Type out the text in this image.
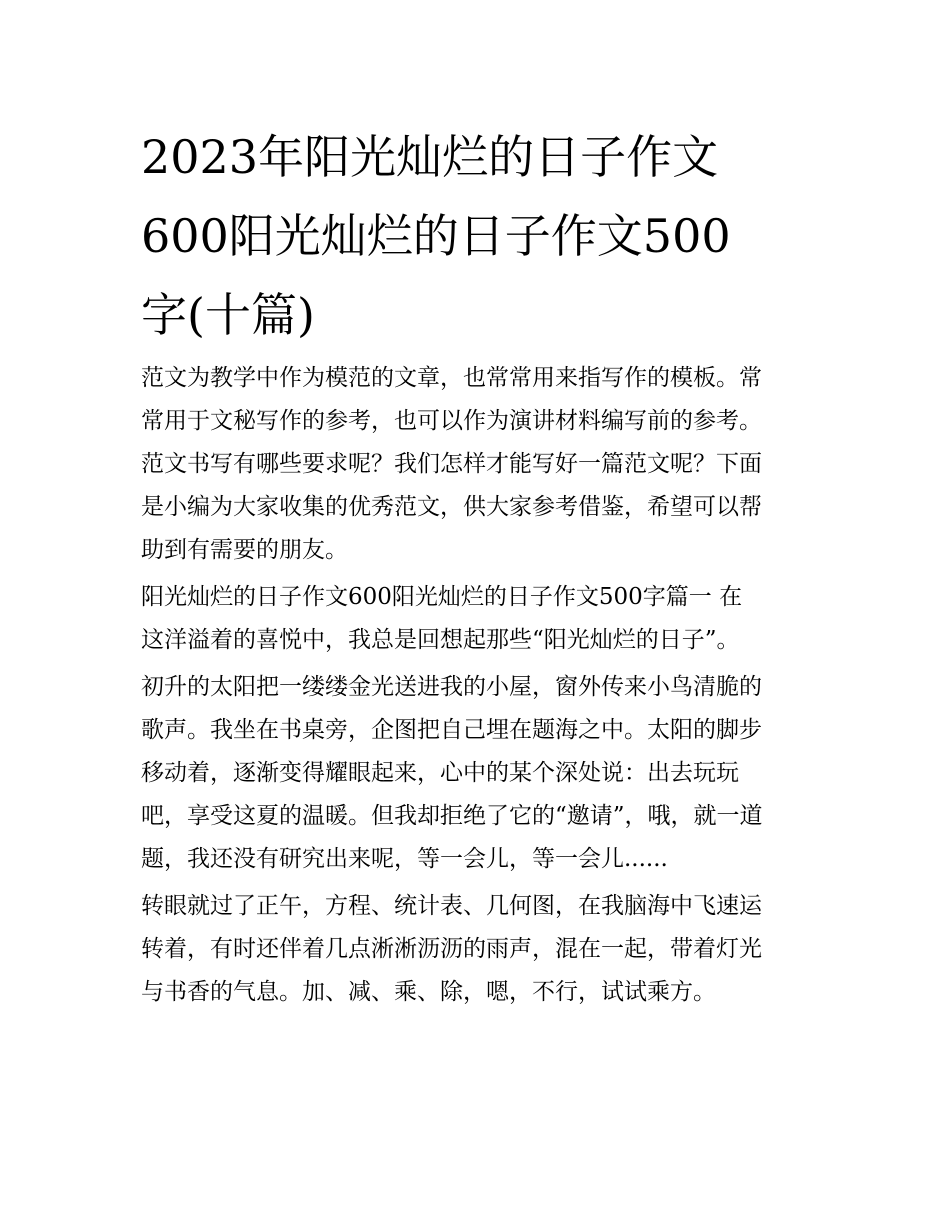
2023年阳光灿烂的日子作文
600阳光灿烂的日子作文500
字(十篇)
范文为教学中作为模范的文章，也常常用来指写作的模板。常
常用于文秘写作的参考，也可以作为演讲材料编写前的参考。
范文书写有哪些要求呢？我们怎样才能写好一篇范文呢？下面
是小编为大家收集的优秀范文，供大家参考借鉴，希望可以帮
助到有需要的朋友。
阳光灿烂的日子作文600阳光灿烂的日子作文500字篇一 在
这洋溢着的喜悦中，我总是回想起那些“阳光灿烂的日子”。
初升的太阳把一缕缕金光送进我的小屋，窗外传来小鸟清脆的
歌声。我坐在书桌旁，企图把自己埋在题海之中。太阳的脚步
移动着，逐渐变得耀眼起来，心中的某个深处说：出去玩玩
吧，享受这夏的温暖。但我却拒绝了它的“邀请”，哦，就一道
题，我还没有研究出来呢，等一会儿，等一会儿......
转眼就过了正午，方程、统计表、几何图，在我脑海中飞速运
转着，有时还伴着几点淅淅沥沥的雨声，混在一起，带着灯光
与书香的气息。加、减、乘、除，嗯，不行，试试乘方。
